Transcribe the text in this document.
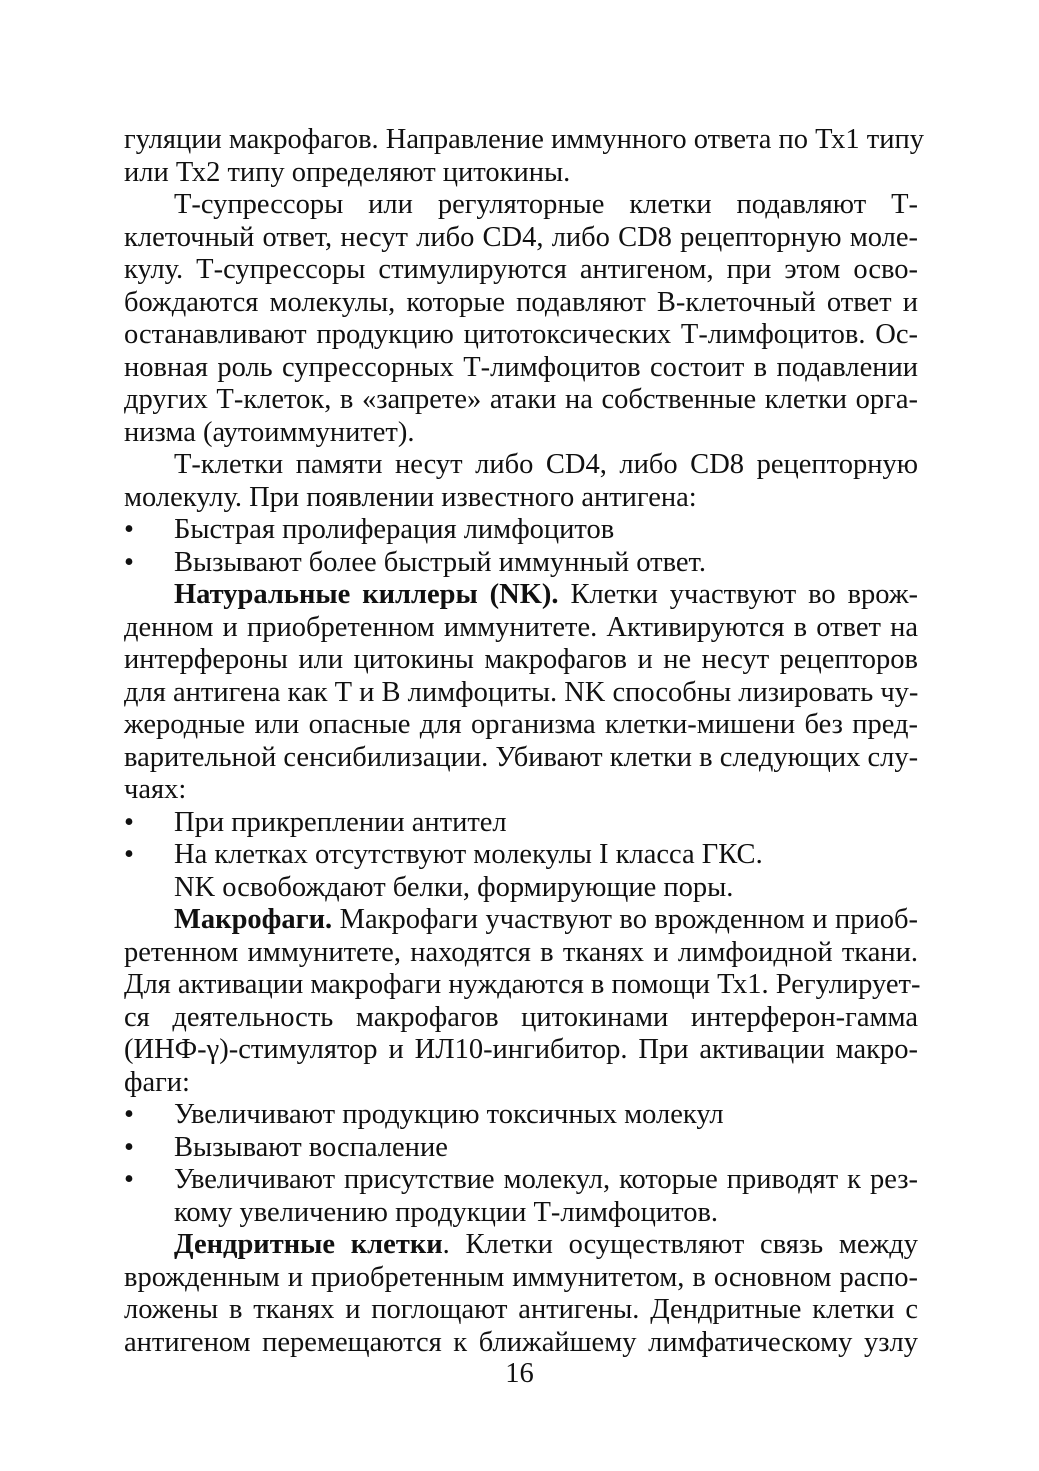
гуляции макрофагов. Направление иммунного ответа по Тх1 типу
или Тх2 типу определяют цитокины.
Т-супрессоры или регуляторные клетки подавляют Т-
клеточный ответ, несут либо CD4, либо CD8 рецепторную моле-
кулу. Т-супрессоры стимулируются антигеном, при этом осво-
бождаются молекулы, которые подавляют В-клеточный ответ и
останавливают продукцию цитотоксических Т-лимфоцитов. Ос-
новная роль супрессорных Т-лимфоцитов состоит в подавлении
других Т-клеток, в «запрете» атаки на собственные клетки орга-
низма (аутоиммунитет).
Т-клетки памяти несут либо CD4, либо CD8 рецепторную
молекулу. При появлении известного антигена:
• Быстрая пролиферация лимфоцитов
• Вызывают более быстрый иммунный ответ.
Натуральные киллеры (NK). Клетки участвуют во врож-
денном и приобретенном иммунитете. Активируются в ответ на
интерфероны или цитокины макрофагов и не несут рецепторов
для антигена как Т и В лимфоциты. NK способны лизировать чу-
жеродные или опасные для организма клетки-мишени без пред-
варительной сенсибилизации. Убивают клетки в следующих слу-
чаях:
• При прикреплении антител
• На клетках отсутствуют молекулы I класса ГКС.
NK освобождают белки, формирующие поры.
Макрофаги. Макрофаги участвуют во врожденном и приоб-
ретенном иммунитете, находятся в тканях и лимфоидной ткани.
Для активации макрофаги нуждаются в помощи Тх1. Регулирует-
ся деятельность макрофагов цитокинами интерферон-гамма
(ИНФ-γ)-стимулятор и ИЛ10-ингибитор. При активации макро-
фаги:
• Увеличивают продукцию токсичных молекул
• Вызывают воспаление
• Увеличивают присутствие молекул, которые приводят к рез-
кому увеличению продукции Т-лимфоцитов.
Дендритные клетки. Клетки осуществляют связь между
врожденным и приобретенным иммунитетом, в основном распо-
ложены в тканях и поглощают антигены. Дендритные клетки с
антигеном перемещаются к ближайшему лимфатическому узлу
16
